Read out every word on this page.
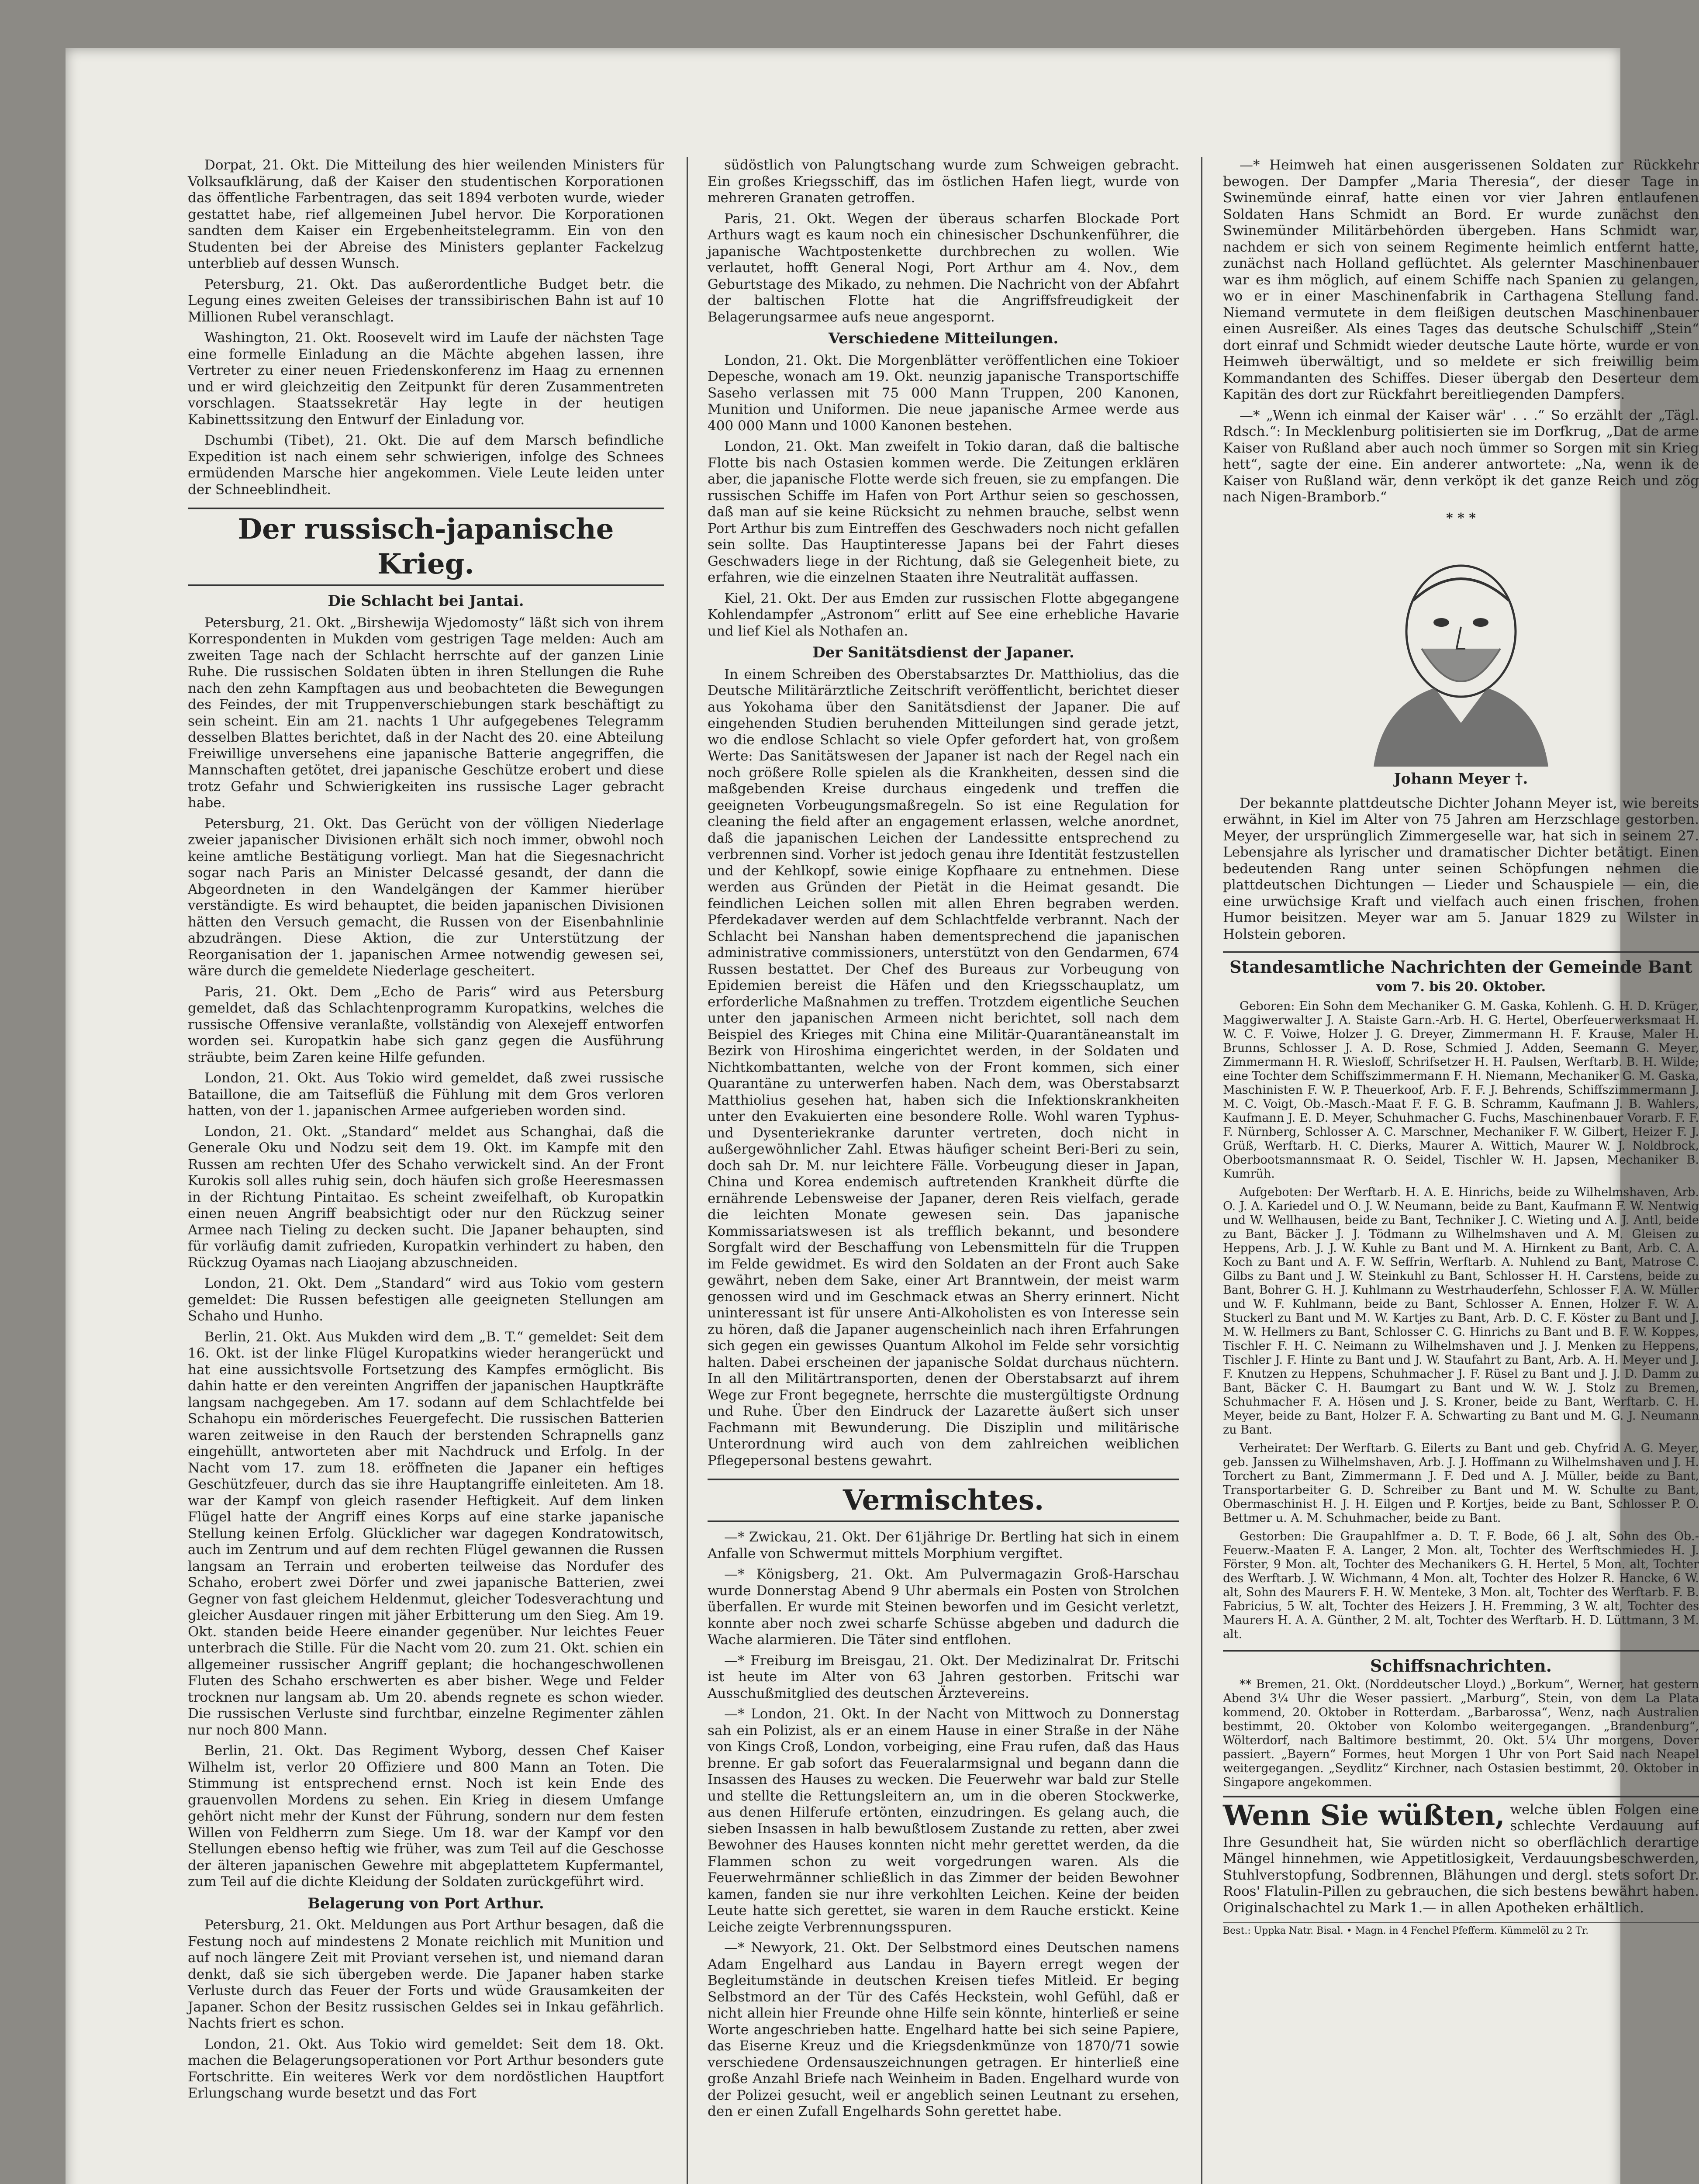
Dorpat, 21. Okt. Die Mitteilung des hier weilenden Ministers für Volksaufklärung, daß der Kaiser den studentischen Korporationen das öffentliche Farbentragen, das seit 1894 verboten wurde, wieder gestattet habe, rief allgemeinen Jubel hervor. Die Korporationen sandten dem Kaiser ein Ergebenheitstelegramm. Ein von den Studenten bei der Abreise des Ministers geplanter Fackelzug unterblieb auf dessen Wunsch.

Petersburg, 21. Okt. Das außerordentliche Budget betr. die Legung eines zweiten Geleises der transsibirischen Bahn ist auf 10 Millionen Rubel veranschlagt.

Washington, 21. Okt. Roosevelt wird im Laufe der nächsten Tage eine formelle Einladung an die Mächte abgehen lassen, ihre Vertreter zu einer neuen Friedenskonferenz im Haag zu ernennen und er wird gleichzeitig den Zeitpunkt für deren Zusammentreten vorschlagen. Staatssekretär Hay legte in der heutigen Kabinettssitzung den Entwurf der Einladung vor.

Dschumbi (Tibet), 21. Okt. Die auf dem Marsch befindliche Expedition ist nach einem sehr schwierigen, infolge des Schnees ermüdenden Marsche hier angekommen. Viele Leute leiden unter der Schneeblindheit.

Der russisch-japanische Krieg.
Die Schlacht bei Jantai.

Petersburg, 21. Okt. „Birshewija Wjedomosty“ läßt sich von ihrem Korrespondenten in Mukden vom gestrigen Tage melden: Auch am zweiten Tage nach der Schlacht herrschte auf der ganzen Linie Ruhe. Die russischen Soldaten übten in ihren Stellungen die Ruhe nach den zehn Kampftagen aus und beobachteten die Bewegungen des Feindes, der mit Truppenverschiebungen stark beschäftigt zu sein scheint. Ein am 21. nachts 1 Uhr aufgegebenes Telegramm desselben Blattes berichtet, daß in der Nacht des 20. eine Abteilung Freiwillige unversehens eine japanische Batterie angegriffen, die Mannschaften getötet, drei japanische Geschütze erobert und diese trotz Gefahr und Schwierigkeiten ins russische Lager gebracht habe.

Petersburg, 21. Okt. Das Gerücht von der völligen Niederlage zweier japanischer Divisionen erhält sich noch immer, obwohl noch keine amtliche Bestätigung vorliegt. Man hat die Siegesnachricht sogar nach Paris an Minister Delcassé gesandt, der dann die Abgeordneten in den Wandelgängen der Kammer hierüber verständigte. Es wird behauptet, die beiden japanischen Divisionen hätten den Versuch gemacht, die Russen von der Eisenbahnlinie abzudrängen. Diese Aktion, die zur Unterstützung der Reorganisation der 1. japanischen Armee notwendig gewesen sei, wäre durch die gemeldete Niederlage gescheitert.

Paris, 21. Okt. Dem „Echo de Paris“ wird aus Petersburg gemeldet, daß das Schlachtenprogramm Kuropatkins, welches die russische Offensive veranlaßte, vollständig von Alexejeff entworfen worden sei. Kuropatkin habe sich ganz gegen die Ausführung sträubte, beim Zaren keine Hilfe gefunden.

London, 21. Okt. Aus Tokio wird gemeldet, daß zwei russische Bataillone, die am Taitseflüß die Fühlung mit dem Gros verloren hatten, von der 1. japanischen Armee aufgerieben worden sind.

London, 21. Okt. „Standard“ meldet aus Schanghai, daß die Generale Oku und Nodzu seit dem 19. Okt. im Kampfe mit den Russen am rechten Ufer des Schaho verwickelt sind. An der Front Kurokis soll alles ruhig sein, doch häufen sich große Heeresmassen in der Richtung Pintaitao. Es scheint zweifelhaft, ob Kuropatkin einen neuen Angriff beabsichtigt oder nur den Rückzug seiner Armee nach Tieling zu decken sucht. Die Japaner behaupten, sind für vorläufig damit zufrieden, Kuropatkin verhindert zu haben, den Rückzug Oyamas nach Liaojang abzuschneiden.

London, 21. Okt. Dem „Standard“ wird aus Tokio vom gestern gemeldet: Die Russen befestigen alle geeigneten Stellungen am Schaho und Hunho.

Berlin, 21. Okt. Aus Mukden wird dem „B. T.“ gemeldet: Seit dem 16. Okt. ist der linke Flügel Kuropatkins wieder herangerückt und hat eine aussichtsvolle Fortsetzung des Kampfes ermöglicht. Bis dahin hatte er den vereinten Angriffen der japanischen Hauptkräfte langsam nachgegeben. Am 17. sodann auf dem Schlachtfelde bei Schahopu ein mörderisches Feuergefecht. Die russischen Batterien waren zeitweise in den Rauch der berstenden Schrapnells ganz eingehüllt, antworteten aber mit Nachdruck und Erfolg. In der Nacht vom 17. zum 18. eröffneten die Japaner ein heftiges Geschützfeuer, durch das sie ihre Hauptangriffe einleiteten. Am 18. war der Kampf von gleich rasender Heftigkeit. Auf dem linken Flügel hatte der Angriff eines Korps auf eine starke japanische Stellung keinen Erfolg. Glücklicher war dagegen Kondratowitsch, auch im Zentrum und auf dem rechten Flügel gewannen die Russen langsam an Terrain und eroberten teilweise das Nordufer des Schaho, erobert zwei Dörfer und zwei japanische Batterien, zwei Gegner von fast gleichem Heldenmut, gleicher Todesverachtung und gleicher Ausdauer ringen mit jäher Erbitterung um den Sieg. Am 19. Okt. standen beide Heere einander gegenüber. Nur leichtes Feuer unterbrach die Stille. Für die Nacht vom 20. zum 21. Okt. schien ein allgemeiner russischer Angriff geplant; die hochangeschwollenen Fluten des Schaho erschwerten es aber bisher. Wege und Felder trocknen nur langsam ab. Um 20. abends regnete es schon wieder. Die russischen Verluste sind furchtbar, einzelne Regimenter zählen nur noch 800 Mann.

Berlin, 21. Okt. Das Regiment Wyborg, dessen Chef Kaiser Wilhelm ist, verlor 20 Offiziere und 800 Mann an Toten. Die Stimmung ist entsprechend ernst. Noch ist kein Ende des grauenvollen Mordens zu sehen. Ein Krieg in diesem Umfange gehört nicht mehr der Kunst der Führung, sondern nur dem festen Willen von Feldherrn zum Siege. Um 18. war der Kampf vor den Stellungen ebenso heftig wie früher, was zum Teil auf die Geschosse der älteren japanischen Gewehre mit abgeplattetem Kupfermantel, zum Teil auf die dichte Kleidung der Soldaten zurückgeführt wird.

Belagerung von Port Arthur.

Petersburg, 21. Okt. Meldungen aus Port Arthur besagen, daß die Festung noch auf mindestens 2 Monate reichlich mit Munition und auf noch längere Zeit mit Proviant versehen ist, und niemand daran denkt, daß sie sich übergeben werde. Die Japaner haben starke Verluste durch das Feuer der Forts und wüde Grausamkeiten der Japaner. Schon der Besitz russischen Geldes sei in Inkau gefährlich. Nachts friert es schon.

London, 21. Okt. Aus Tokio wird gemeldet: Seit dem 18. Okt. machen die Belagerungsoperationen vor Port Arthur besonders gute Fortschritte. Ein weiteres Werk vor dem nordöstlichen Hauptfort Erlungschang wurde besetzt und das Fort

südöstlich von Palungtschang wurde zum Schweigen gebracht. Ein großes Kriegsschiff, das im östlichen Hafen liegt, wurde von mehreren Granaten getroffen.

Paris, 21. Okt. Wegen der überaus scharfen Blockade Port Arthurs wagt es kaum noch ein chinesischer Dschunkenführer, die japanische Wachtpostenkette durchbrechen zu wollen. Wie verlautet, hofft General Nogi, Port Arthur am 4. Nov., dem Geburtstage des Mikado, zu nehmen. Die Nachricht von der Abfahrt der baltischen Flotte hat die Angriffsfreudigkeit der Belagerungsarmee aufs neue angespornt.

Verschiedene Mitteilungen.

London, 21. Okt. Die Morgenblätter veröffentlichen eine Tokioer Depesche, wonach am 19. Okt. neunzig japanische Transportschiffe Saseho verlassen mit 75 000 Mann Truppen, 200 Kanonen, Munition und Uniformen. Die neue japanische Armee werde aus 400 000 Mann und 1000 Kanonen bestehen.

London, 21. Okt. Man zweifelt in Tokio daran, daß die baltische Flotte bis nach Ostasien kommen werde. Die Zeitungen erklären aber, die japanische Flotte werde sich freuen, sie zu empfangen. Die russischen Schiffe im Hafen von Port Arthur seien so geschossen, daß man auf sie keine Rücksicht zu nehmen brauche, selbst wenn Port Arthur bis zum Eintreffen des Geschwaders noch nicht gefallen sein sollte. Das Hauptinteresse Japans bei der Fahrt dieses Geschwaders liege in der Richtung, daß sie Gelegenheit biete, zu erfahren, wie die einzelnen Staaten ihre Neutralität auffassen.

Kiel, 21. Okt. Der aus Emden zur russischen Flotte abgegangene Kohlendampfer „Astronom“ erlitt auf See eine erhebliche Havarie und lief Kiel als Nothafen an.

Der Sanitätsdienst der Japaner.

In einem Schreiben des Oberstabsarztes Dr. Matthiolius, das die Deutsche Militärärztliche Zeitschrift veröffentlicht, berichtet dieser aus Yokohama über den Sanitätsdienst der Japaner. Die auf eingehenden Studien beruhenden Mitteilungen sind gerade jetzt, wo die endlose Schlacht so viele Opfer gefordert hat, von großem Werte: Das Sanitätswesen der Japaner ist nach der Regel nach ein noch größere Rolle spielen als die Krankheiten, dessen sind die maßgebenden Kreise durchaus eingedenk und treffen die geeigneten Vorbeugungsmaßregeln. So ist eine Regulation for cleaning the field after an engagement erlassen, welche anordnet, daß die japanischen Leichen der Landessitte entsprechend zu verbrennen sind. Vorher ist jedoch genau ihre Identität festzustellen und der Kehlkopf, sowie einige Kopfhaare zu entnehmen. Diese werden aus Gründen der Pietät in die Heimat gesandt. Die feindlichen Leichen sollen mit allen Ehren begraben werden. Pferdekadaver werden auf dem Schlachtfelde verbrannt. Nach der Schlacht bei Nanshan haben dementsprechend die japanischen administrative commissioners, unterstützt von den Gendarmen, 674 Russen bestattet. Der Chef des Bureaus zur Vorbeugung von Epidemien bereist die Häfen und den Kriegsschauplatz, um erforderliche Maßnahmen zu treffen. Trotzdem eigentliche Seuchen unter den japanischen Armeen nicht berichtet, soll nach dem Beispiel des Krieges mit China eine Militär-Quarantäneanstalt im Bezirk von Hiroshima eingerichtet werden, in der Soldaten und Nichtkombattanten, welche von der Front kommen, sich einer Quarantäne zu unterwerfen haben. Nach dem, was Oberstabsarzt Matthiolius gesehen hat, haben sich die Infektionskrankheiten unter den Evakuierten eine besondere Rolle. Wohl waren Typhus- und Dysenteriekranke darunter vertreten, doch nicht in außergewöhnlicher Zahl. Etwas häufiger scheint Beri-Beri zu sein, doch sah Dr. M. nur leichtere Fälle. Vorbeugung dieser in Japan, China und Korea endemisch auftretenden Krankheit dürfte die ernährende Lebensweise der Japaner, deren Reis vielfach, gerade die leichten Monate gewesen sein. Das japanische Kommissariatswesen ist als trefflich bekannt, und besondere Sorgfalt wird der Beschaffung von Lebensmitteln für die Truppen im Felde gewidmet. Es wird den Soldaten an der Front auch Sake gewährt, neben dem Sake, einer Art Branntwein, der meist warm genossen wird und im Geschmack etwas an Sherry erinnert. Nicht uninteressant ist für unsere Anti-Alkoholisten es von Interesse sein zu hören, daß die Japaner augenscheinlich nach ihren Erfahrungen sich gegen ein gewisses Quantum Alkohol im Felde sehr vorsichtig halten. Dabei erscheinen der japanische Soldat durchaus nüchtern. In all den Militärtransporten, denen der Oberstabsarzt auf ihrem Wege zur Front begegnete, herrschte die mustergültigste Ordnung und Ruhe. Über den Eindruck der Lazarette äußert sich unser Fachmann mit Bewunderung. Die Disziplin und militärische Unterordnung wird auch von dem zahlreichen weiblichen Pflegepersonal bestens gewahrt.

Vermischtes.

—* Zwickau, 21. Okt. Der 61jährige Dr. Bertling hat sich in einem Anfalle von Schwermut mittels Morphium vergiftet.

—* Königsberg, 21. Okt. Am Pulvermagazin Groß-Harschau wurde Donnerstag Abend 9 Uhr abermals ein Posten von Strolchen überfallen. Er wurde mit Steinen beworfen und im Gesicht verletzt, konnte aber noch zwei scharfe Schüsse abgeben und dadurch die Wache alarmieren. Die Täter sind entflohen.

—* Freiburg im Breisgau, 21. Okt. Der Medizinalrat Dr. Fritschi ist heute im Alter von 63 Jahren gestorben. Fritschi war Ausschußmitglied des deutschen Ärztevereins.

—* London, 21. Okt. In der Nacht von Mittwoch zu Donnerstag sah ein Polizist, als er an einem Hause in einer Straße in der Nähe von Kings Croß, London, vorbeiging, eine Frau rufen, daß das Haus brenne. Er gab sofort das Feueralarmsignal und begann dann die Insassen des Hauses zu wecken. Die Feuerwehr war bald zur Stelle und stellte die Rettungsleitern an, um in die oberen Stockwerke, aus denen Hilferufe ertönten, einzudringen. Es gelang auch, die sieben Insassen in halb bewußtlosem Zustande zu retten, aber zwei Bewohner des Hauses konnten nicht mehr gerettet werden, da die Flammen schon zu weit vorgedrungen waren. Als die Feuerwehrmänner schließlich in das Zimmer der beiden Bewohner kamen, fanden sie nur ihre verkohlten Leichen. Keine der beiden Leute hatte sich gerettet, sie waren in dem Rauche erstickt. Keine Leiche zeigte Verbrennungsspuren.

—* Newyork, 21. Okt. Der Selbstmord eines Deutschen namens Adam Engelhard aus Landau in Bayern erregt wegen der Begleitumstände in deutschen Kreisen tiefes Mitleid. Er beging Selbstmord an der Tür des Cafés Heckstein, wohl Gefühl, daß er nicht allein hier Freunde ohne Hilfe sein könnte, hinterließ er seine Worte angeschrieben hatte. Engelhard hatte bei sich seine Papiere, das Eiserne Kreuz und die Kriegsdenkmünze von 1870/71 sowie verschiedene Ordensauszeichnungen getragen. Er hinterließ eine große Anzahl Briefe nach Weinheim in Baden. Engelhard wurde von der Polizei gesucht, weil er angeblich seinen Leutnant zu ersehen, den er einen Zufall Engelhards Sohn gerettet habe.

—* Heimweh hat einen ausgerissenen Soldaten zur Rückkehr bewogen. Der Dampfer „Maria Theresia“, der dieser Tage in Swinemünde einraf, hatte einen vor vier Jahren entlaufenen Soldaten Hans Schmidt an Bord. Er wurde zunächst den Swinemünder Militärbehörden übergeben. Hans Schmidt war, nachdem er sich von seinem Regimente heimlich entfernt hatte, zunächst nach Holland geflüchtet. Als gelernter Maschinenbauer war es ihm möglich, auf einem Schiffe nach Spanien zu gelangen, wo er in einer Maschinenfabrik in Carthagena Stellung fand. Niemand vermutete in dem fleißigen deutschen Maschinenbauer einen Ausreißer. Als eines Tages das deutsche Schulschiff „Stein“ dort einraf und Schmidt wieder deutsche Laute hörte, wurde er von Heimweh überwältigt, und so meldete er sich freiwillig beim Kommandanten des Schiffes. Dieser übergab den Deserteur dem Kapitän des dort zur Rückfahrt bereitliegenden Dampfers.

—* „Wenn ich einmal der Kaiser wär' . . .“ So erzählt der „Tägl. Rdsch.“: In Mecklenburg politisierten sie im Dorfkrug, „Dat de arme Kaiser von Rußland aber auch noch ümmer so Sorgen mit sin Krieg hett“, sagte der eine. Ein anderer antwortete: „Na, wenn ik de Kaiser von Rußland wär, denn verköpt ik det ganze Reich und zög nach Nigen-Bramborb.“

* * *
Johann Meyer †.

Der bekannte plattdeutsche Dichter Johann Meyer ist, wie bereits erwähnt, in Kiel im Alter von 75 Jahren am Herzschlage gestorben. Meyer, der ursprünglich Zimmergeselle war, hat sich in seinem 27. Lebensjahre als lyrischer und dramatischer Dichter betätigt. Einen bedeutenden Rang unter seinen Schöpfungen nehmen die plattdeutschen Dichtungen — Lieder und Schauspiele — ein, die eine urwüchsige Kraft und vielfach auch einen frischen, frohen Humor beisitzen. Meyer war am 5. Januar 1829 zu Wilster in Holstein geboren.

Standesamtliche Nachrichten der Gemeinde Bant
vom 7. bis 20. Oktober.

Geboren: Ein Sohn dem Mechaniker G. M. Gaska, Kohlenh. G. H. D. Krüger, Maggiwerwalter J. A. Staiste Garn.-Arb. H. G. Hertel, Oberfeuerwerksmaat H. W. C. F. Voiwe, Holzer J. G. Dreyer, Zimmermann H. F. Krause, Maler H. Brunns, Schlosser J. A. D. Rose, Schmied J. Adden, Seemann G. Meyer, Zimmermann H. R. Wiesloff, Schrifsetzer H. H. Paulsen, Werftarb. B. H. Wilde; eine Tochter dem Schiffszimmermann F. H. Niemann, Mechaniker G. M. Gaska, Maschinisten F. W. P. Theuerkoof, Arb. F. F. J. Behrends, Schiffszimmermann J. M. C. Voigt, Ob.-Masch.-Maat F. F. G. B. Schramm, Kaufmann J. B. Wahlers, Kaufmann J. E. D. Meyer, Schuhmacher G. Fuchs, Maschinenbauer Vorarb. F. F. F. Nürnberg, Schlosser A. C. Marschner, Mechaniker F. W. Gilbert, Heizer F. J. Grüß, Werftarb. H. C. Dierks, Maurer A. Wittich, Maurer W. J. Noldbrock, Oberbootsmannsmaat R. O. Seidel, Tischler W. H. Japsen, Mechaniker B. Kumrüh.

Aufgeboten: Der Werftarb. H. A. E. Hinrichs, beide zu Wilhelmshaven, Arb. O. J. A. Kariedel und O. J. W. Neumann, beide zu Bant, Kaufmann F. W. Nentwig und W. Wellhausen, beide zu Bant, Techniker J. C. Wieting und A. J. Antl, beide zu Bant, Bäcker J. J. Tödmann zu Wilhelmshaven und A. M. Gleisen zu Heppens, Arb. J. J. W. Kuhle zu Bant und M. A. Hirnkent zu Bant, Arb. C. A. Koch zu Bant und A. F. W. Seffrin, Werftarb. A. Nuhlend zu Bant, Matrose C. Gilbs zu Bant und J. W. Steinkuhl zu Bant, Schlosser H. H. Carstens, beide zu Bant, Bohrer G. H. J. Kuhlmann zu Westrhauderfehn, Schlosser F. A. W. Müller und W. F. Kuhlmann, beide zu Bant, Schlosser A. Ennen, Holzer F. W. A. Stuckerl zu Bant und M. W. Kartjes zu Bant, Arb. D. C. F. Köster zu Bant und J. M. W. Hellmers zu Bant, Schlosser C. G. Hinrichs zu Bant und B. F. W. Koppes, Tischler F. H. C. Neimann zu Wilhelmshaven und J. J. Menken zu Heppens, Tischler J. F. Hinte zu Bant und J. W. Staufahrt zu Bant, Arb. A. H. Meyer und J. F. Knutzen zu Heppens, Schuhmacher J. F. Rüsel zu Bant und J. J. D. Damm zu Bant, Bäcker C. H. Baumgart zu Bant und W. W. J. Stolz zu Bremen, Schuhmacher F. A. Hösen und J. S. Kroner, beide zu Bant, Werftarb. C. H. Meyer, beide zu Bant, Holzer F. A. Schwarting zu Bant und M. G. J. Neumann zu Bant.

Verheiratet: Der Werftarb. G. Eilerts zu Bant und geb. Chyfrid A. G. Meyer, geb. Janssen zu Wilhelmshaven, Arb. J. J. Hoffmann zu Wilhelmshaven und J. H. Torchert zu Bant, Zimmermann J. F. Ded und A. J. Müller, beide zu Bant, Transportarbeiter G. D. Schreiber zu Bant und M. W. Schulte zu Bant, Obermaschinist H. J. H. Eilgen und P. Kortjes, beide zu Bant, Schlosser P. O. Bettmer u. A. M. Schuhmacher, beide zu Bant.

Gestorben: Die Graupahlfmer a. D. T. F. Bode, 66 J. alt, Sohn des Ob.-Feuerw.-Maaten F. A. Langer, 2 Mon. alt, Tochter des Werftschmiedes H. J. Förster, 9 Mon. alt, Tochter des Mechanikers G. H. Hertel, 5 Mon. alt, Tochter des Werftarb. J. W. Wichmann, 4 Mon. alt, Tochter des Holzer R. Hancke, 6 W. alt, Sohn des Maurers F. H. W. Menteke, 3 Mon. alt, Tochter des Werftarb. F. B. Fabricius, 5 W. alt, Tochter des Heizers J. H. Fremming, 3 W. alt, Tochter des Maurers H. A. A. Günther, 2 M. alt, Tochter des Werftarb. H. D. Lüttmann, 3 M. alt.

Schiffsnachrichten.

** Bremen, 21. Okt. (Norddeutscher Lloyd.) „Borkum“, Werner, hat gestern Abend 3¼ Uhr die Weser passiert. „Marburg“, Stein, von dem La Plata kommend, 20. Oktober in Rotterdam. „Barbarossa“, Wenz, nach Australien bestimmt, 20. Oktober von Kolombo weitergegangen. „Brandenburg“, Wölterdorf, nach Baltimore bestimmt, 20. Okt. 5¼ Uhr morgens, Dover passiert. „Bayern“ Formes, heut Morgen 1 Uhr von Port Said nach Neapel weitergegangen. „Seydlitz“ Kirchner, nach Ostasien bestimmt, 20. Oktober in Singapore angekommen.

Wenn Sie wüßten, welche üblen Folgen eine schlechte Verdauung auf Ihre Gesundheit hat, Sie würden nicht so oberflächlich derartige Mängel hinnehmen, wie Appetitlosigkeit, Verdauungsbeschwerden, Stuhlverstopfung, Sodbrennen, Blähungen und dergl. stets sofort Dr. Roos' Flatulin-Pillen zu gebrauchen, die sich bestens bewährt haben. Originalschachtel zu Mark 1.— in allen Apotheken erhältlich.
Best.: Uppka Natr. Bisal. • Magn. in 4 Fenchel Pfefferm. Kümmelöl zu 2 Tr.
